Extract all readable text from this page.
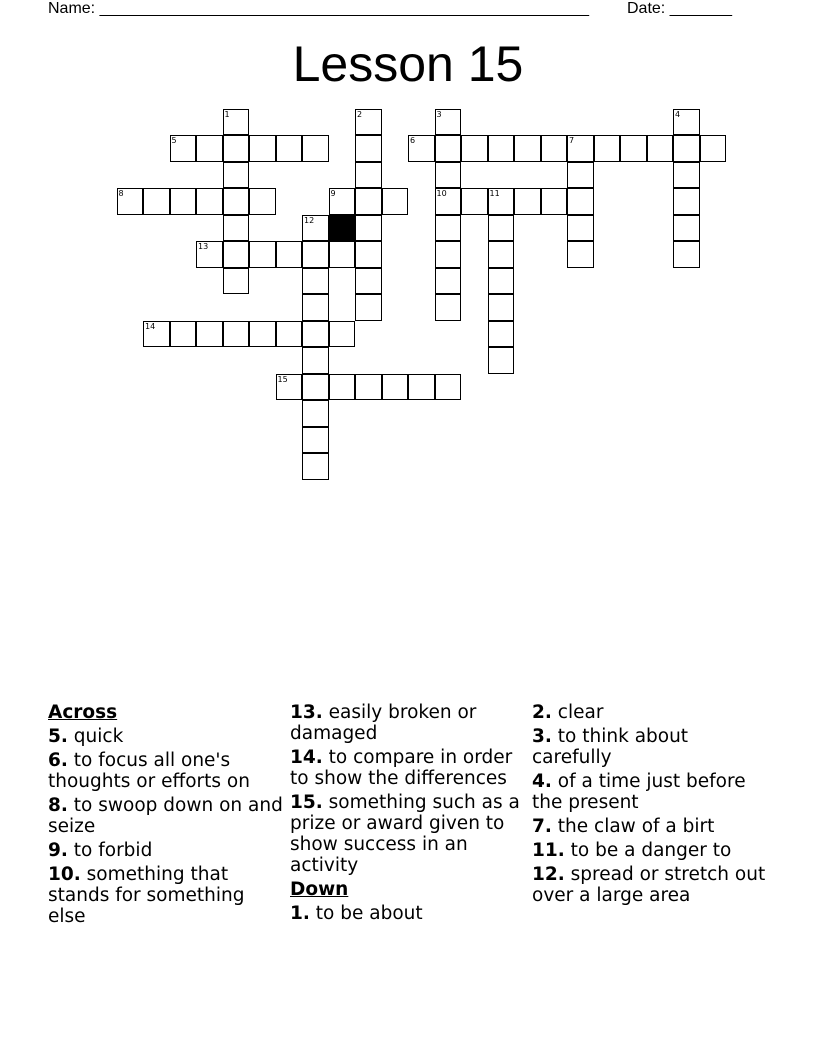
Name: _______________________________________________________ Date: _______
Lesson 15
5	6	7
8	9	10	11
13
14
15
1	2	3	4
12
Across
5. quick
6. to focus all one's thoughts or efforts on
8. to swoop down on and seize
9. to forbid
10. something that stands for something else
13. easily broken or damaged
14. to compare in order to show the differences
15. something such as a prize or award given to show success in an activity
Down
1. to be about
2. clear
3. to think about carefully
4. of a time just before the present
7. the claw of a birt
11. to be a danger to
12. spread or stretch out over a large area
